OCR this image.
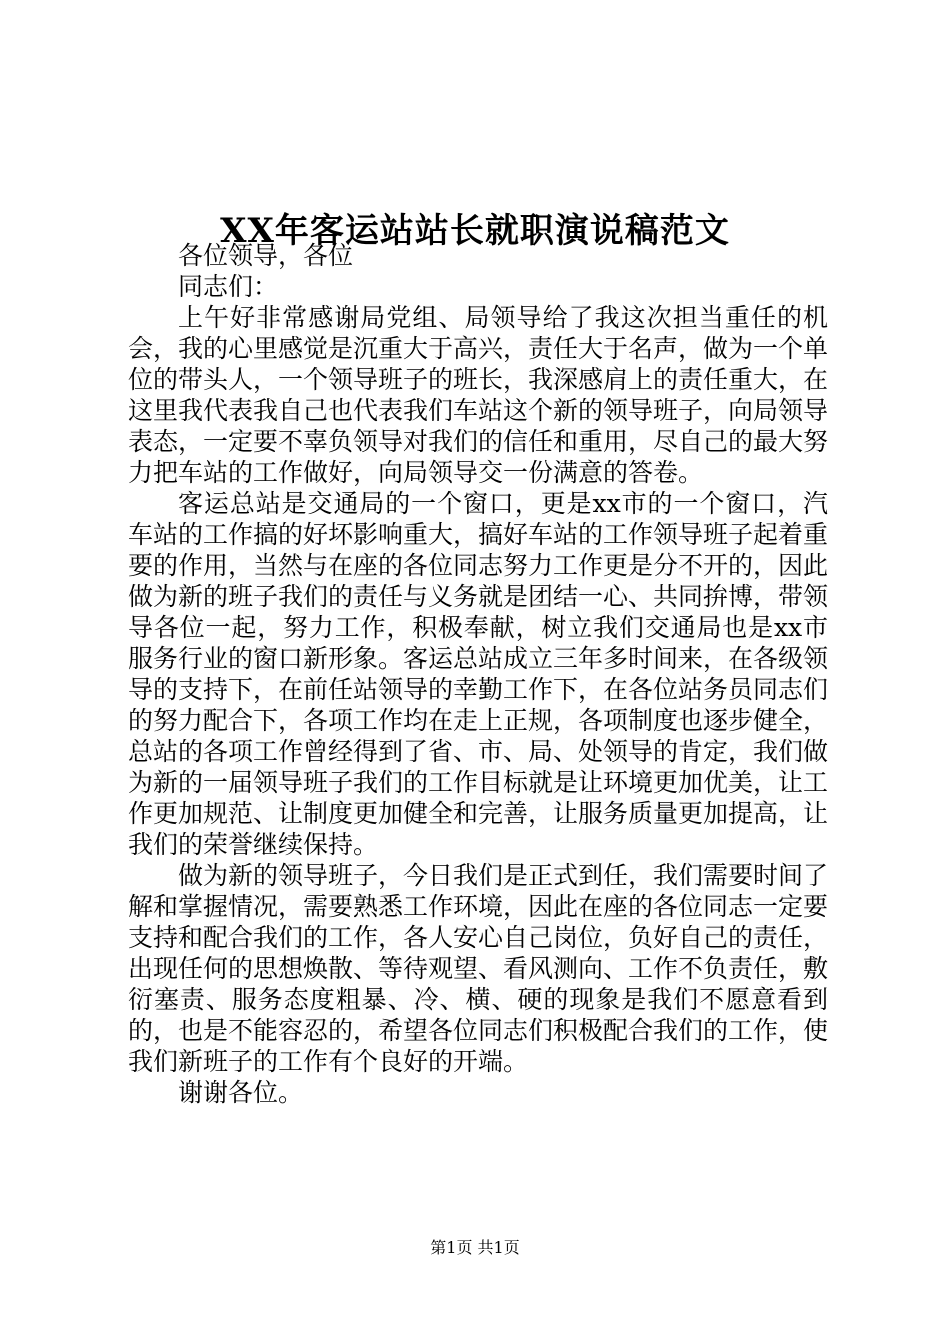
XX年客运站站长就职演说稿范文

各位领导，各位

同志们：

上午好非常感谢局党组、局领导给了我这次担当重任的机会，我的心里感觉是沉重大于高兴，责任大于名声，做为一个单位的带头人，一个领导班子的班长，我深感肩上的责任重大，在这里我代表我自己也代表我们车站这个新的领导班子，向局领导表态，一定要不辜负领导对我们的信任和重用，尽自己的最大努力把车站的工作做好，向局领导交一份满意的答卷。

客运总站是交通局的一个窗口，更是xx市的一个窗口，汽车站的工作搞的好坏影响重大，搞好车站的工作领导班子起着重要的作用，当然与在座的各位同志努力工作更是分不开的，因此做为新的班子我们的责任与义务就是团结一心、共同拚博，带领导各位一起，努力工作，积极奉献，树立我们交通局也是xx市服务行业的窗口新形象。客运总站成立三年多时间来，在各级领导的支持下，在前任站领导的幸勤工作下，在各位站务员同志们的努力配合下，各项工作均在走上正规，各项制度也逐步健全，总站的各项工作曾经得到了省、市、局、处领导的肯定，我们做为新的一届领导班子我们的工作目标就是让环境更加优美，让工作更加规范、让制度更加健全和完善，让服务质量更加提高，让我们的荣誉继续保持。

做为新的领导班子，今日我们是正式到任，我们需要时间了解和掌握情况，需要熟悉工作环境，因此在座的各位同志一定要支持和配合我们的工作，各人安心自己岗位，负好自己的责任，出现任何的思想焕散、等待观望、看风测向、工作不负责任，敷衍塞责、服务态度粗暴、冷、横、硬的现象是我们不愿意看到的，也是不能容忍的，希望各位同志们积极配合我们的工作，使我们新班子的工作有个良好的开端。

谢谢各位。

第1页 共1页
